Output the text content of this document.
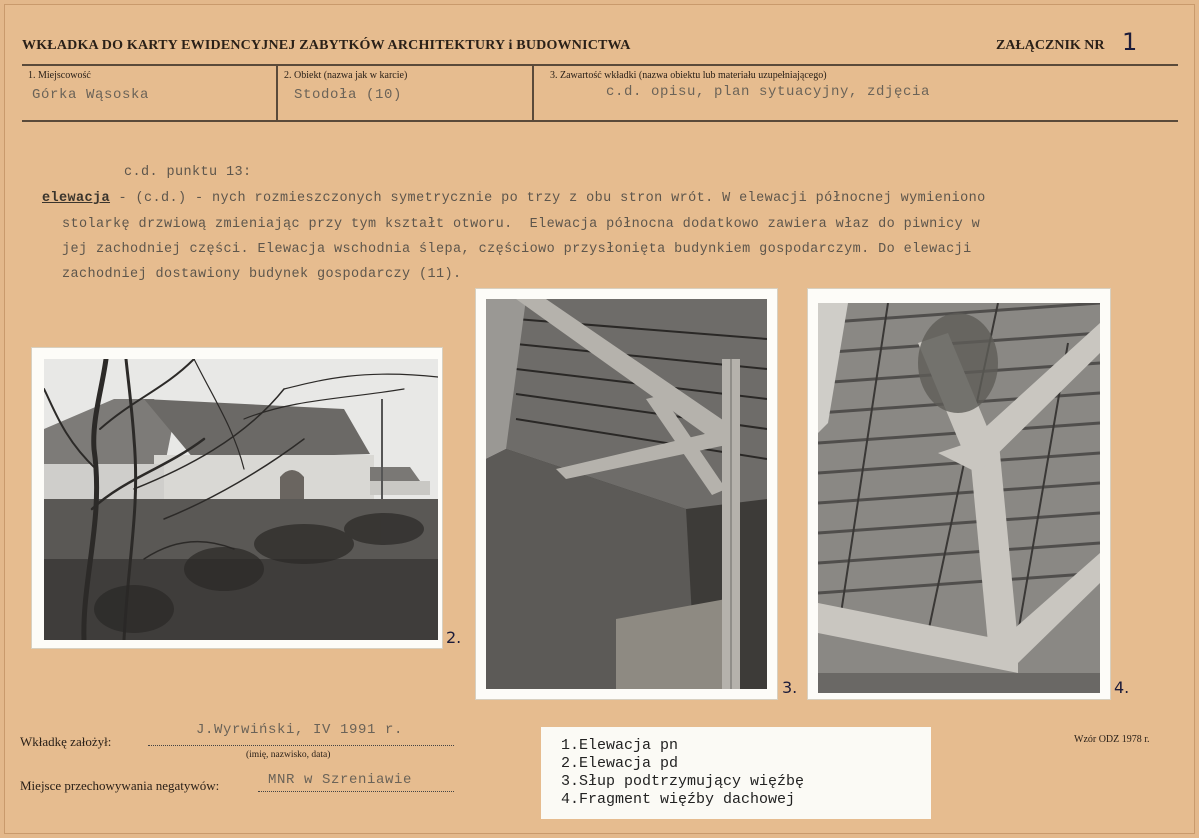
WKŁADKA DO KARTY EWIDENCYJNEJ ZABYTKÓW ARCHITEKTURY i BUDOWNICTWA	ZAŁĄCZNIK NR 1
1. Miejscowość
Górka Wąsoska
2. Obiekt (nazwa jak w karcie)
Stodoła (10)
3. Zawartość wkładki (nazwa obiektu lub materiału uzupełniającego)
c.d. opisu, plan sytuacyjny, zdjęcia
c.d. punktu 13:
elewacja - (c.d.) - nych rozmieszczonych symetrycznie po trzy z obu stron wrót. W elewacji północnej wymieniono
stolarkę drzwiową zmieniając przy tym kształt otworu.  Elewacja północna dodatkowo zawiera właz do piwnicy w
jej zachodniej części. Elewacja wschodnia ślepa, częściowo przysłonięta budynkiem gospodarczym. Do elewacji
zachodniej dostawiony budynek gospodarczy (11).
2.
3.	4.
Wkładkę założył:
J.Wyrwiński, IV 1991 r.
(imię, nazwisko, data)
Miejsce przechowywania negatywów:	MNR w Szreniawie
1.Elewacja pn
2.Elewacja pd
3.Słup podtrzymujący więźbę
4.Fragment więźby dachowej
Wzór ODZ 1978 r.
